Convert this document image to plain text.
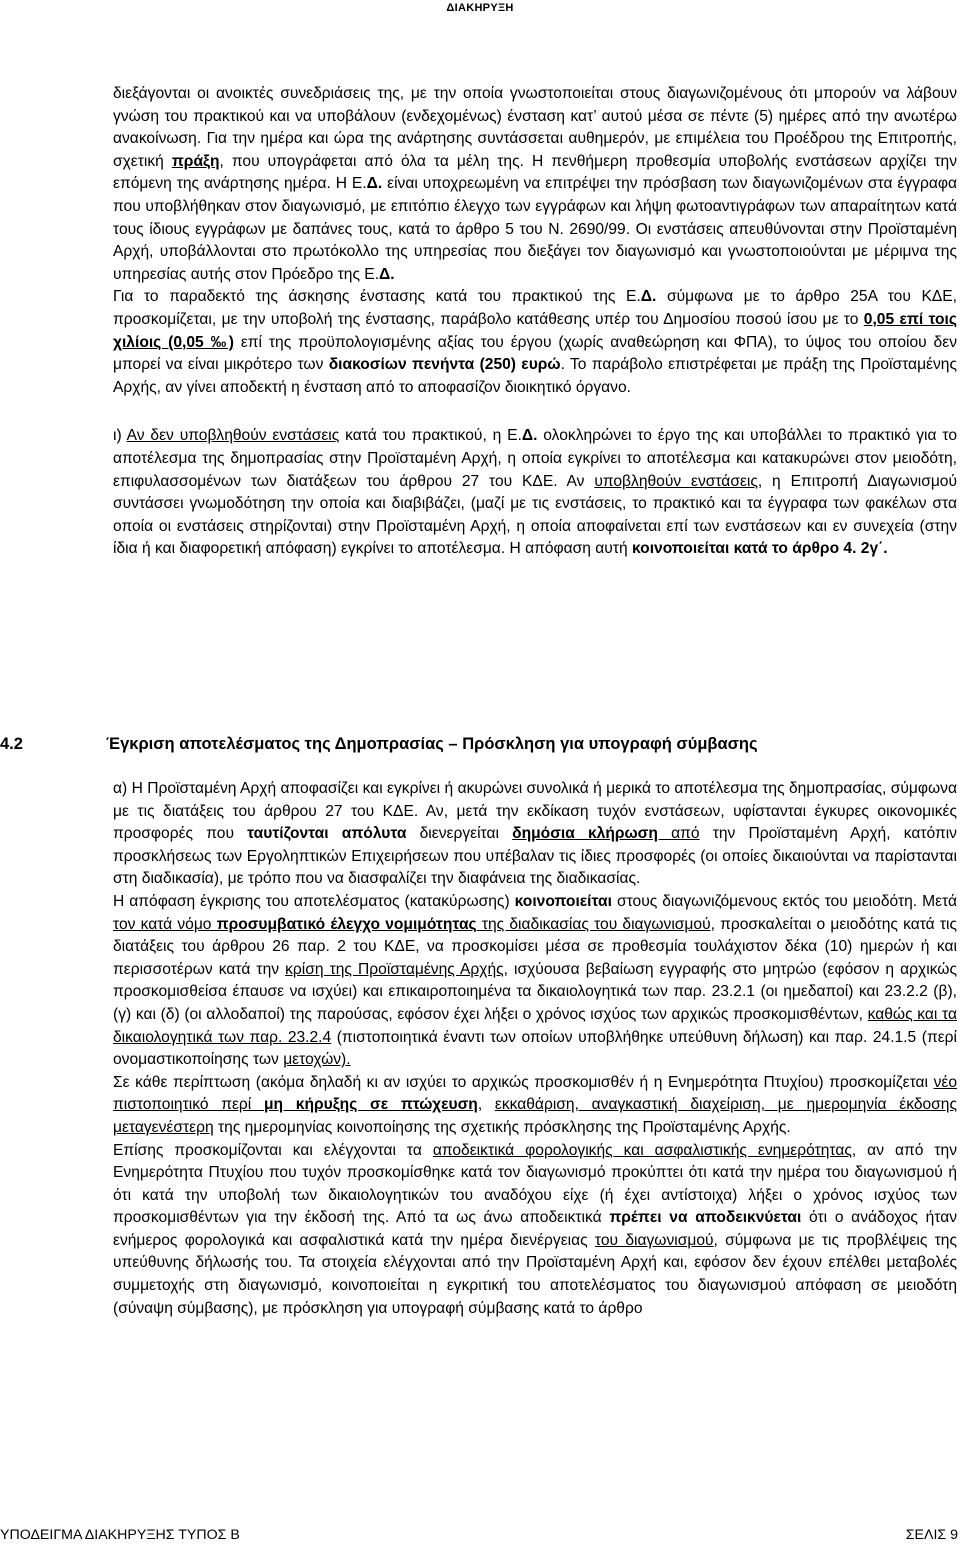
ΔΙΑΚΗΡΥΞΗ

διεξάγονται οι ανοικτές συνεδριάσεις της, με την οποία γνωστοποιείται στους διαγωνιζομένους ότι μπορούν να λάβουν γνώση του πρακτικού και να υποβάλουν (ενδεχομένως) ένσταση κατ’ αυτού μέσα σε πέντε (5) ημέρες από την ανωτέρω ανακοίνωση. Για την ημέρα και ώρα της ανάρτησης συντάσσεται αυθημερόν, με επιμέλεια του Προέδρου της Επιτροπής, σχετική πράξη, που υπογράφεται από όλα τα μέλη της. Η πενθήμερη προθεσμία υποβολής ενστάσεων αρχίζει την επόμενη της ανάρτησης ημέρα. Η Ε.Δ. είναι υποχρεωμένη να επιτρέψει την πρόσβαση των διαγωνιζομένων στα έγγραφα που υποβλήθηκαν στον διαγωνισμό, με επιτόπιο έλεγχο των εγγράφων και λήψη φωτοαντιγράφων των απαραίτητων κατά τους ίδιους εγγράφων με δαπάνες τους, κατά το άρθρο 5 του Ν. 2690/99. Οι ενστάσεις απευθύνονται στην Προϊσταμένη Αρχή, υποβάλλονται στο πρωτόκολλο της υπηρεσίας που διεξάγει τον διαγωνισμό και γνωστοποιούνται με μέριμνα της υπηρεσίας αυτής στον Πρόεδρο της Ε.Δ.

Για το παραδεκτό της άσκησης ένστασης κατά του πρακτικού της Ε.Δ. σύμφωνα με το άρθρο 25Α του ΚΔΕ, προσκομίζεται, με την υποβολή της ένστασης, παράβολο κατάθεσης υπέρ του Δημοσίου ποσού ίσου με το 0,05 επί τοις χιλίοις (0,05 ‰) επί της προϋπολογισμένης αξίας του έργου (χωρίς αναθεώρηση και ΦΠΑ), το ύψος του οποίου δεν μπορεί να είναι μικρότερο των διακοσίων πενήντα (250) ευρώ. Το παράβολο επιστρέφεται με πράξη της Προϊσταμένης Αρχής, αν γίνει αποδεκτή η ένσταση από το αποφασίζον διοικητικό όργανο.

ι) Αν δεν υποβληθούν ενστάσεις κατά του πρακτικού, η Ε.Δ. ολοκληρώνει το έργο της και υποβάλλει το πρακτικό για το αποτέλεσμα της δημοπρασίας στην Προϊσταμένη Αρχή, η οποία εγκρίνει το αποτέλεσμα και κατακυρώνει στον μειοδότη, επιφυλασσομένων των διατάξεων του άρθρου 27 του ΚΔΕ. Αν υποβληθούν ενστάσεις, η Επιτροπή Διαγωνισμού συντάσσει γνωμοδότηση την οποία και διαβιβάζει, (μαζί με τις ενστάσεις, το πρακτικό και τα έγγραφα των φακέλων στα οποία οι ενστάσεις στηρίζονται) στην Προϊσταμένη Αρχή, η οποία αποφαίνεται επί των ενστάσεων και εν συνεχεία (στην ίδια ή και διαφορετική απόφαση) εγκρίνει το αποτέλεσμα. Η απόφαση αυτή κοινοποιείται κατά το άρθρο 4. 2γ΄.

4.2	Έγκριση αποτελέσματος της Δημοπρασίας – Πρόσκληση για υπογραφή σύμβασης

α) Η Προϊσταμένη Αρχή αποφασίζει και εγκρίνει ή ακυρώνει συνολικά ή μερικά το αποτέλεσμα της δημοπρασίας, σύμφωνα με τις διατάξεις του άρθρου 27 του ΚΔΕ. Αν, μετά την εκδίκαση τυχόν ενστάσεων, υφίστανται έγκυρες οικονομικές προσφορές που ταυτίζονται απόλυτα διενεργείται δημόσια κλήρωση από την Προϊσταμένη Αρχή, κατόπιν προσκλήσεως των Εργοληπτικών Επιχειρήσεων που υπέβαλαν τις ίδιες προσφορές (οι οποίες δικαιούνται να παρίστανται στη διαδικασία), με τρόπο που να διασφαλίζει την διαφάνεια της διαδικασίας.

Η απόφαση έγκρισης του αποτελέσματος (κατακύρωσης) κοινοποιείται στους διαγωνιζόμενους εκτός του μειοδότη. Μετά τον κατά νόμο προσυμβατικό έλεγχο νομιμότητας της διαδικασίας του διαγωνισμού, προσκαλείται ο μειοδότης κατά τις διατάξεις του άρθρου 26 παρ. 2 του ΚΔΕ, να προσκομίσει μέσα σε προθεσμία τουλάχιστον δέκα (10) ημερών ή και περισσοτέρων κατά την κρίση της Προϊσταμένης Αρχής, ισχύουσα βεβαίωση εγγραφής στο μητρώο (εφόσον η αρχικώς προσκομισθείσα έπαυσε να ισχύει) και επικαιροποιημένα τα δικαιολογητικά των παρ. 23.2.1 (οι ημεδαποί) και 23.2.2 (β), (γ) και (δ) (οι αλλοδαποί) της παρούσας, εφόσον έχει λήξει ο χρόνος ισχύος των αρχικώς προσκομισθέντων, καθώς και τα δικαιολογητικά των παρ. 23.2.4 (πιστοποιητικά έναντι των οποίων υποβλήθηκε υπεύθυνη δήλωση) και παρ. 24.1.5 (περί ονομαστικοποίησης των μετοχών).

Σε κάθε περίπτωση (ακόμα δηλαδή κι αν ισχύει το αρχικώς προσκομισθέν ή η Ενημερότητα Πτυχίου) προσκομίζεται νέο πιστοποιητικό περί μη κήρυξης σε πτώχευση, εκκαθάριση, αναγκαστική διαχείριση, με ημερομηνία έκδοσης μεταγενέστερη της ημερομηνίας κοινοποίησης της σχετικής πρόσκλησης της Προϊσταμένης Αρχής.

Επίσης προσκομίζονται και ελέγχονται τα αποδεικτικά φορολογικής και ασφαλιστικής ενημερότητας, αν από την Ενημερότητα Πτυχίου που τυχόν προσκομίσθηκε κατά τον διαγωνισμό προκύπτει ότι κατά την ημέρα του διαγωνισμού ή ότι κατά την υποβολή των δικαιολογητικών του αναδόχου είχε (ή έχει αντίστοιχα) λήξει ο χρόνος ισχύος των προσκομισθέντων για την έκδοσή της. Από τα ως άνω αποδεικτικά πρέπει να αποδεικνύεται ότι ο ανάδοχος ήταν ενήμερος φορολογικά και ασφαλιστικά κατά την ημέρα διενέργειας του διαγωνισμού, σύμφωνα με τις προβλέψεις της υπεύθυνης δήλωσής του. Τα στοιχεία ελέγχονται από την Προϊσταμένη Αρχή και, εφόσον δεν έχουν επέλθει μεταβολές συμμετοχής στη διαγωνισμό, κοινοποιείται η εγκριτική του αποτελέσματος του διαγωνισμού απόφαση σε μειοδότη (σύναψη σύμβασης), με πρόσκληση για υπογραφή σύμβασης κατά το άρθρο

ΥΠΟΔΕΙΓΜΑ ΔΙΑΚΗΡΥΞΗΣ ΤΥΠΟΣ Β	ΣΕΛΙΣ 9
